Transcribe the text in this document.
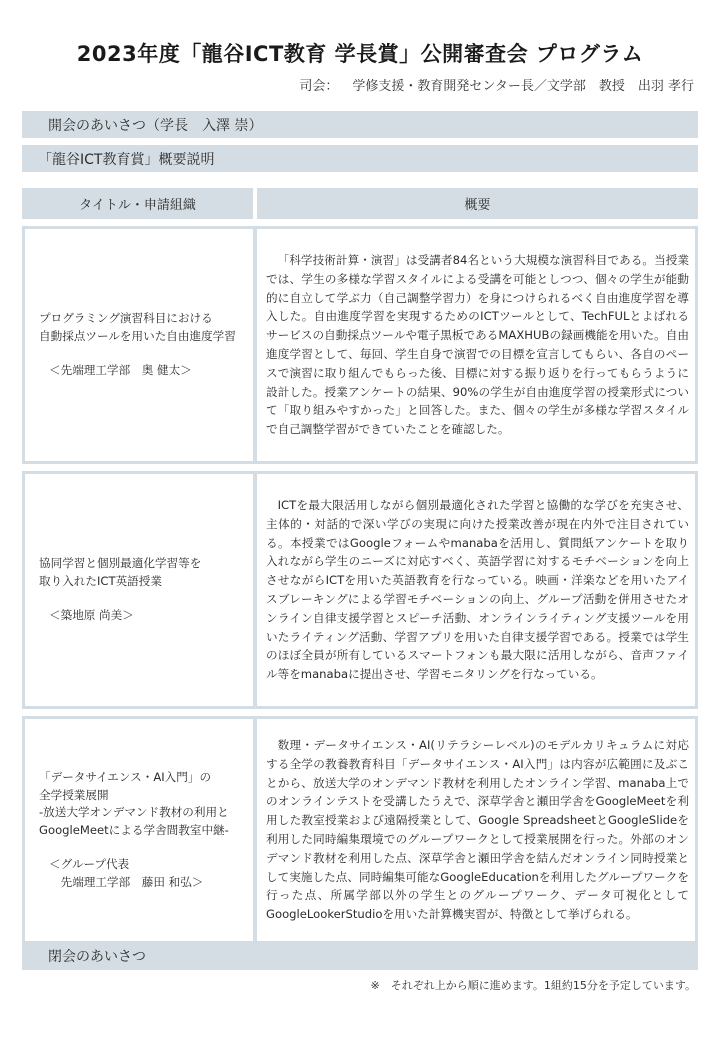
2023年度「龍谷ICT教育 学長賞」公開審査会 プログラム
司会： 学修支援・教育開発センター長／文学部　教授　出羽 孝行
開会のあいさつ（学長　入澤 崇）
「龍谷ICT教育賞」概要説明
タイトル・申請組織	概要
プログラミング演習科目における
自動採点ツールを用いた自由進度学習
＜先端理工学部　奥 健太＞

「科学技術計算・演習」は受講者84名という大規模な演習科目である。当授業では、学生の多様な学習スタイルによる受講を可能としつつ、個々の学生が能動的に自立して学ぶ力（自己調整学習力）を身につけられるべく自由進度学習を導入した。自由進度学習を実現するためのICTツールとして、TechFULとよばれるサービスの自動採点ツールや電子黒板であるMAXHUBの録画機能を用いた。自由進度学習として、毎回、学生自身で演習での目標を宣言してもらい、各自のペースで演習に取り組んでもらった後、目標に対する振り返りを行ってもらうように設計した。授業アンケートの結果、90%の学生が自由進度学習の授業形式について「取り組みやすかった」と回答した。また、個々の学生が多様な学習スタイルで自己調整学習ができていたことを確認した。

協同学習と個別最適化学習等を
取り入れたICT英語授業
＜築地原 尚美＞

ICTを最大限活用しながら個別最適化された学習と協働的な学びを充実させ、主体的・対話的で深い学びの実現に向けた授業改善が現在内外で注目されている。本授業ではGoogleフォームやmanabaを活用し、質問紙アンケートを取り入れながら学生のニーズに対応すべく、英語学習に対するモチベーションを向上させながらICTを用いた英語教育を行なっている。映画・洋楽などを用いたアイスブレーキングによる学習モチベーションの向上、グループ活動を併用させたオンライン自律支援学習とスピーチ活動、オンラインライティング支援ツールを用いたライティング活動、学習アプリを用いた自律支援学習である。授業では学生のほぼ全員が所有しているスマートフォンも最大限に活用しながら、音声ファイル等をmanabaに提出させ、学習モニタリングを行なっている。

「データサイエンス・AI入門」の
全学授業展開
-放送大学オンデマンド教材の利用と
GoogleMeetによる学舎間教室中継-
＜グループ代表
　先端理工学部　藤田 和弘＞

数理・データサイエンス・AI(リテラシーレベル)のモデルカリキュラムに対応する全学の教養教育科目「データサイエンス・AI入門」は内容が広範囲に及ぶことから、放送大学のオンデマンド教材を利用したオンライン学習、manaba上でのオンラインテストを受講したうえで、深草学舎と瀬田学舎をGoogleMeetを利用した教室授業および遠隔授業として、Google SpreadsheetとGoogleSlideを利用した同時編集環境でのグループワークとして授業展開を行った。外部のオンデマンド教材を利用した点、深草学舎と瀬田学舎を結んだオンライン同時授業として実施した点、同時編集可能なGoogleEducationを利用したグループワークを行った点、所属学部以外の学生とのグループワーク、データ可視化としてGoogleLookerStudioを用いた計算機実習が、特徴として挙げられる。

閉会のあいさつ
※　それぞれ上から順に進めます。1組約15分を予定しています。
